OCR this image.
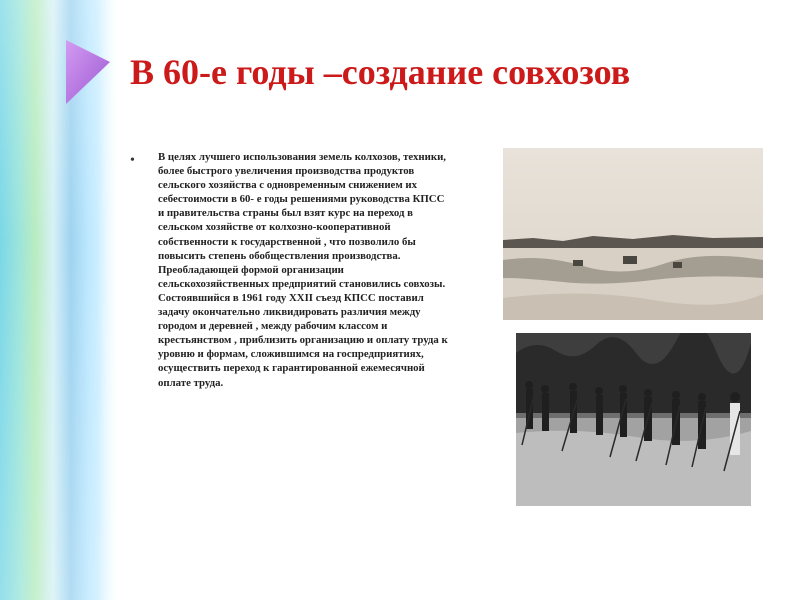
В 60-е годы –создание совхозов
• В целях лучшего использования земель колхозов, техники, более быстрого увеличения производства продуктов сельского хозяйства с одновременным снижением их себестоимости в 60- е годы решениями руководства КПСС и правительства страны был взят курс на переход в сельском хозяйстве от колхозно-кооперативной собственности к государственной , что позволило бы повысить степень обобществления производства. Преобладающей формой организации сельскохозяйственных предприятий становились совхозы. Состоявшийся в 1961 году XXII съезд КПСС поставил задачу окончательно ликвидировать различия между городом и деревней , между рабочим классом и крестьянством , приблизить организацию и оплату труда к уровню и формам, сложившимся на госпредприятиях, осуществить переход к гарантированной ежемесячной оплате труда.
